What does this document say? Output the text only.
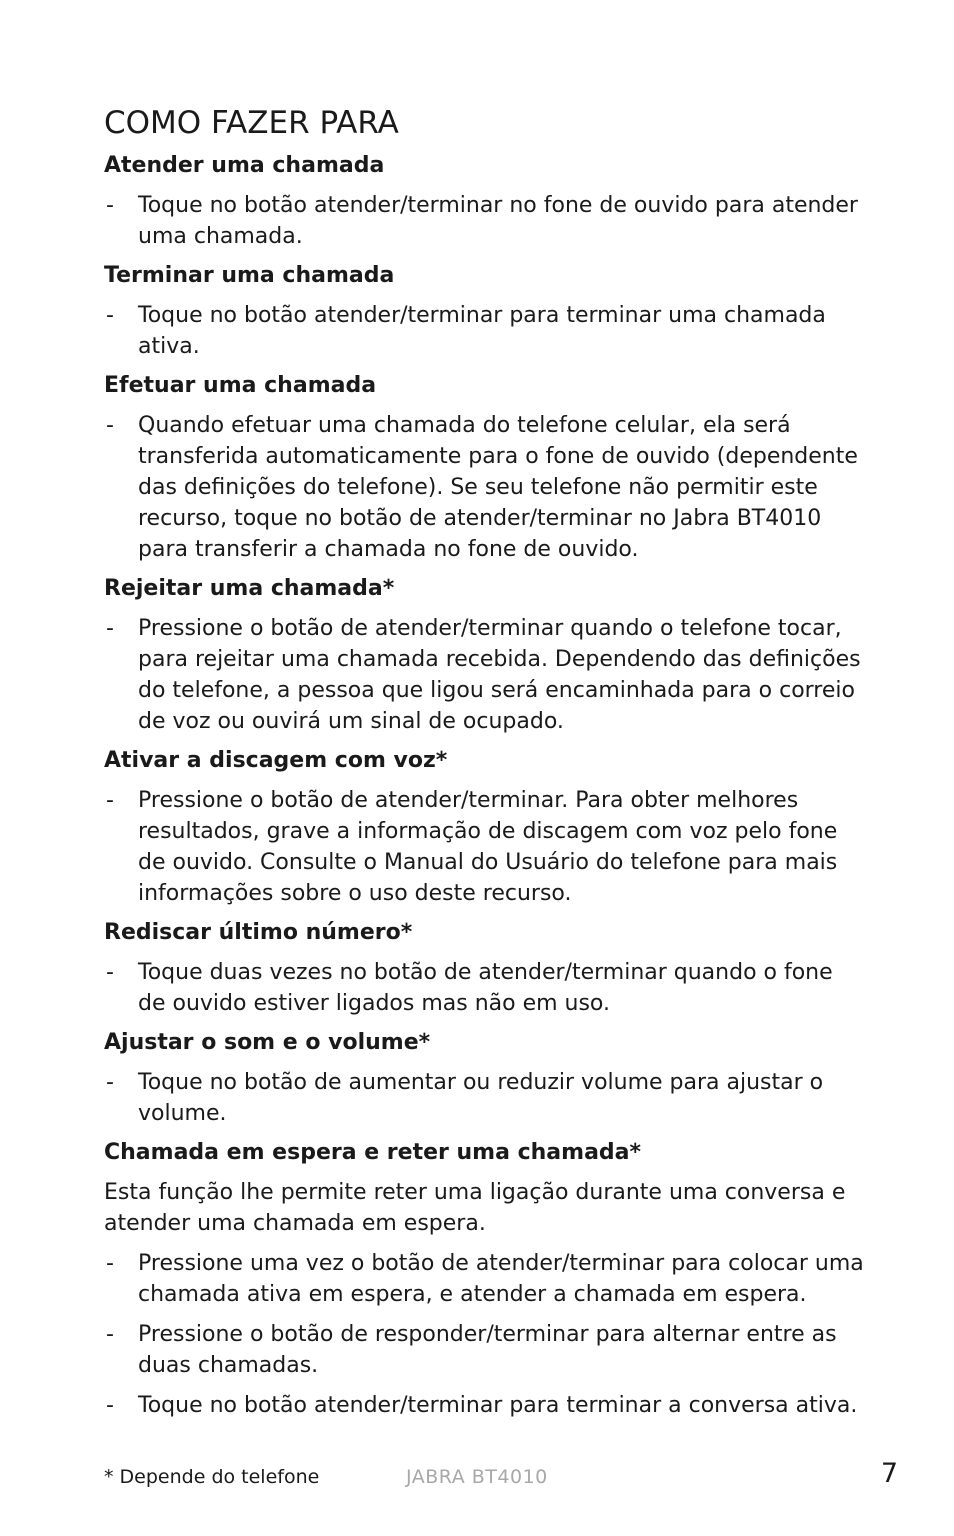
COMO FAZER PARA
Atender uma chamada
- Toque no botão atender/terminar no fone de ouvido para atender uma chamada.
Terminar uma chamada
- Toque no botão atender/terminar para terminar uma chamada ativa.
Efetuar uma chamada
- Quando efetuar uma chamada do telefone celular, ela será transferida automaticamente para o fone de ouvido (dependente das definições do telefone). Se seu telefone não permitir este recurso, toque no botão de atender/terminar no Jabra BT4010 para transferir a chamada no fone de ouvido.
Rejeitar uma chamada*
- Pressione o botão de atender/terminar quando o telefone tocar, para rejeitar uma chamada recebida. Dependendo das definições do telefone, a pessoa que ligou será encaminhada para o correio de voz ou ouvirá um sinal de ocupado.
Ativar a discagem com voz*
- Pressione o botão de atender/terminar. Para obter melhores resultados, grave a informação de discagem com voz pelo fone de ouvido. Consulte o Manual do Usuário do telefone para mais informações sobre o uso deste recurso.
Rediscar último número*
- Toque duas vezes no botão de atender/terminar quando o fone de ouvido estiver ligados mas não em uso.
Ajustar o som e o volume*
- Toque no botão de aumentar ou reduzir volume para ajustar o volume.
Chamada em espera e reter uma chamada*

Esta função lhe permite reter uma ligação durante uma conversa e atender uma chamada em espera.

- Pressione uma vez o botão de atender/terminar para colocar uma chamada ativa em espera, e atender a chamada em espera.
- Pressione o botão de responder/terminar para alternar entre as duas chamadas.
- Toque no botão atender/terminar para terminar a conversa ativa.
* Depende do telefone	JABRA BT4010	7
